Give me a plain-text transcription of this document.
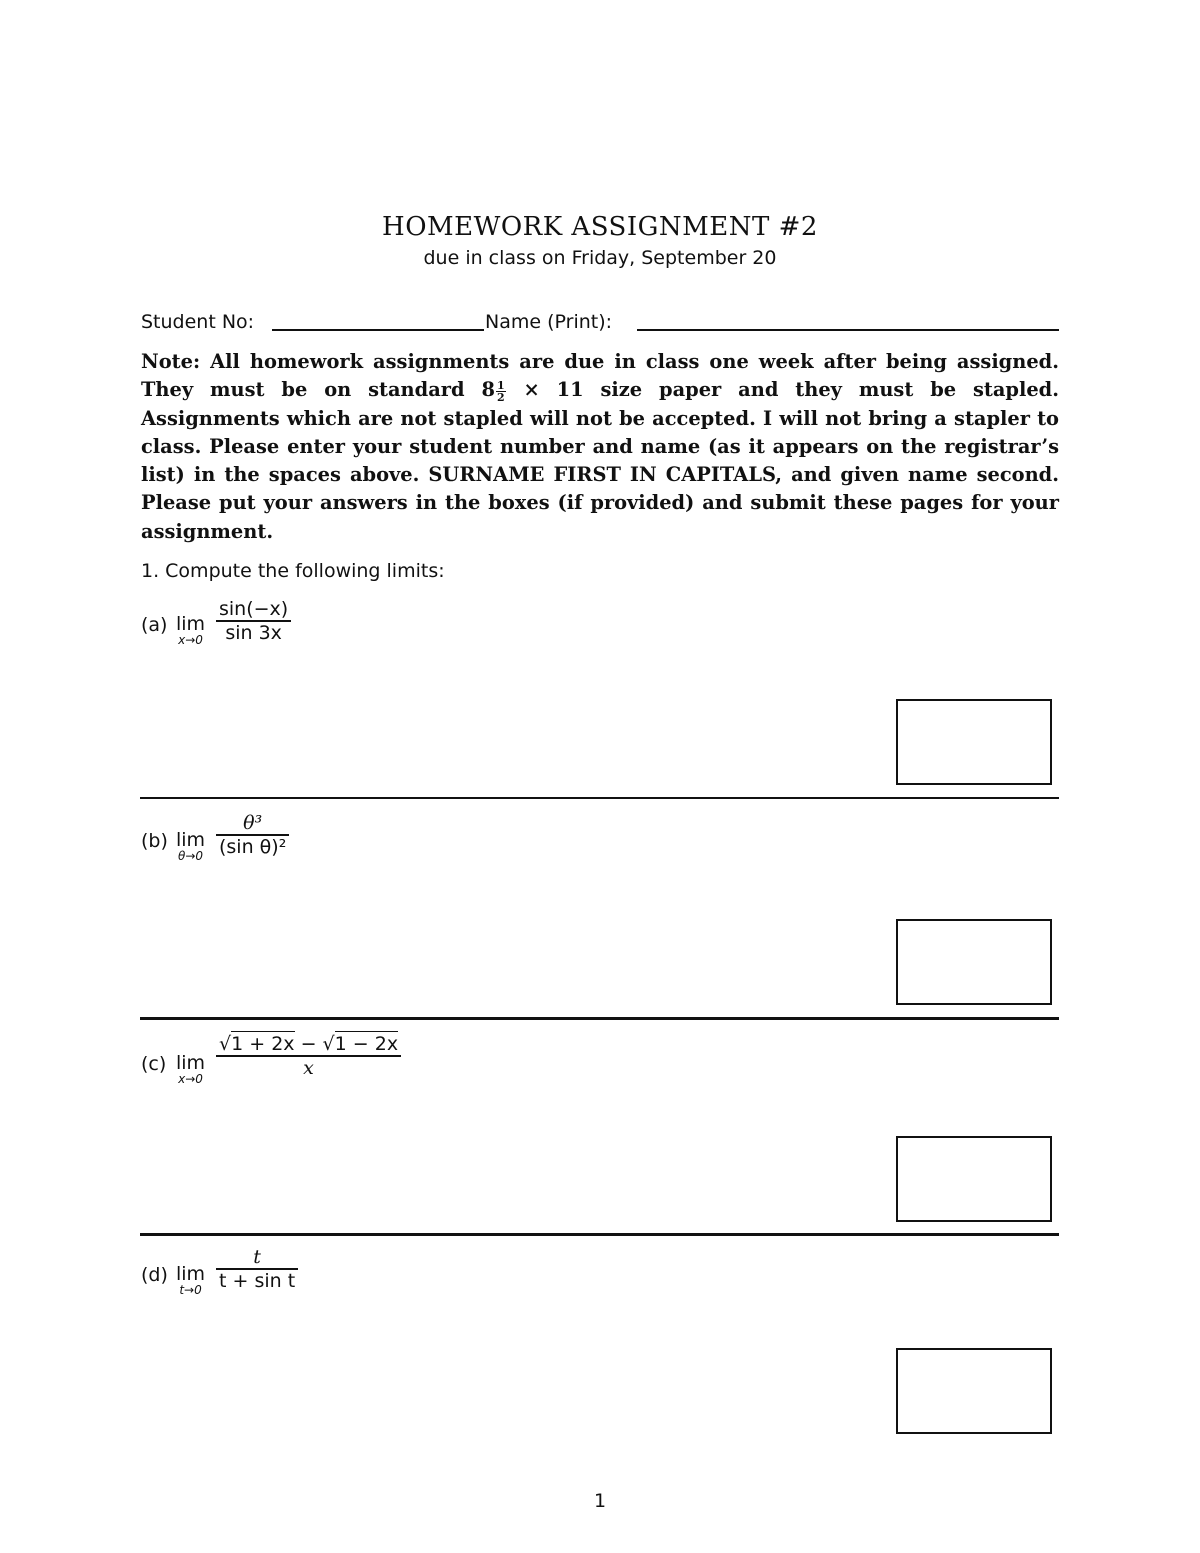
HOMEWORK ASSIGNMENT #2
due in class on Friday, September 20
Student No:	Name (Print):
Note: All homework assignments are due in class one week after being assigned. They must be on standard $8 \frac{1}{2} \times 11$ size paper and they must be stapled. Assignments which are not stapled will not be accepted. I will not bring a stapler to class. Please enter your student number and name (as it appears on the registrar’s list) in the spaces above. SURNAME FIRST IN CAPITALS, and given name second. Please put your answers in the boxes (if provided) and submit these pages for your assignment.
1. Compute the following limits:
(a) lim
x→0
sin(−x)
sin 3x
(b) lim
θ→0
θ³
(sin θ)²
(c) lim
x→0
√1 + 2x − √1 − 2x
x
(d) lim
t→0
t
t + sin t
1
